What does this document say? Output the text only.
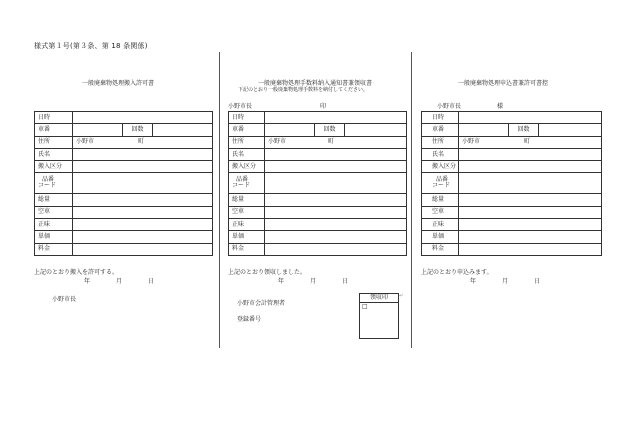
様式第１号(第３条、第 18 条関係)
一般廃棄物処理搬入許可書
日時			
車番		回数	
住所	小野市 町		
氏名			
搬入区分			

品番
コード			

総量			
空車			
正味			
単価			
料金			
上記のとおり搬入を許可する。
年	月	日
小野市長
一般廃棄物処理手数料納入通知書兼領収書
下記のとおり一般廃棄物処理手数料を納付してください。
小野市長	印
日時			
車番		回数	
住所	小野市 町		
氏名			
搬入区分			

品番
コード			

総量			
空車			
正味			
単価			
料金			
上記のとおり領収しました。
年	月	日
小野市会計管理者
登録番号
領収印
□
↵
一般廃棄物処理申込書兼許可書控
小野市長	様
日時			
車番		回数	
住所	小野市 町		
氏名			
搬入区分			

品番
コード			

総量			
空車			
正味			
単価			
料金			
上記のとおり申込みます。
年	月	日
